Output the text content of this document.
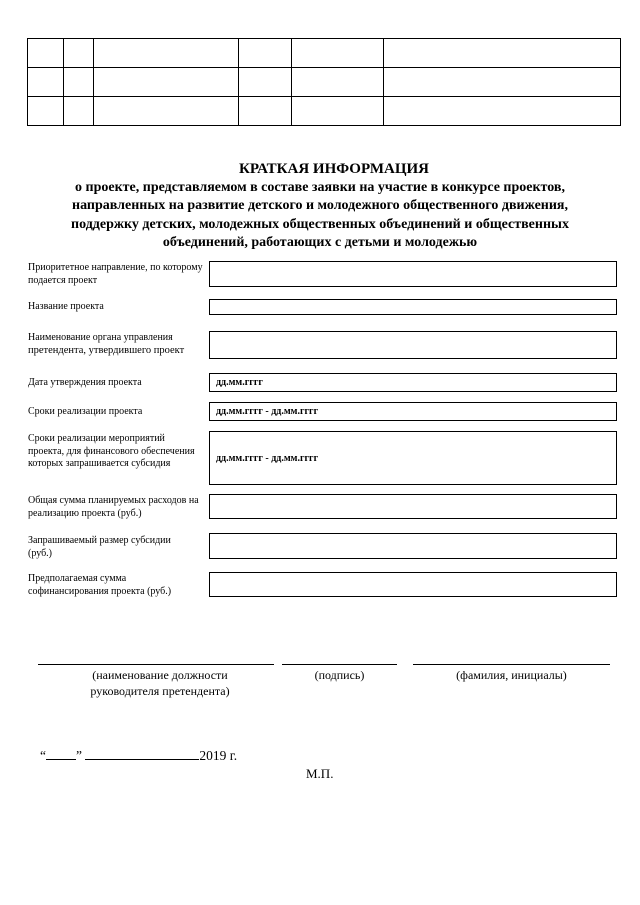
КРАТКАЯ ИНФОРМАЦИЯ
о проекте, представляемом в составе заявки на участие в конкурсе проектов,
направленных на развитие детского и молодежного общественного движения,
поддержку детских, молодежных общественных объединений и общественных
объединений, работающих с детьми и молодежью
Приоритетное направление, по которому подается проект
Название проекта
Наименование органа управления
претендента, утвердившего проект
Дата утверждения проекта	дд.мм.гггг
Сроки реализации проекта	дд.мм.гггг - дд.мм.гггг
Сроки реализации мероприятий проекта, для финансового обеспечения которых запрашивается субсидия	дд.мм.гггг - дд.мм.гггг
Общая сумма планируемых расходов на реализацию проекта (руб.)
Запрашиваемый размер субсидии (руб.)
Предполагаемая сумма софинансирования проекта (руб.)
(наименование должности
руководителя претендента)
(подпись)	(фамилия, инициалы)
“ ”	2019 г.
М.П.
